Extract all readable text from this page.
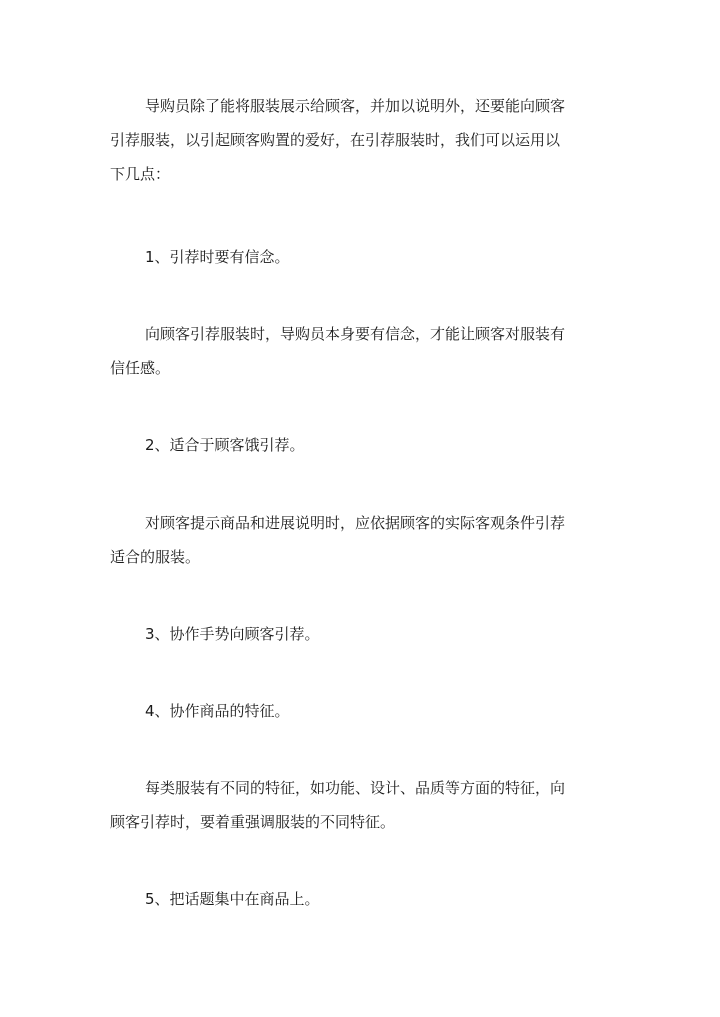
导购员除了能将服装展示给顾客，并加以说明外，还要能向顾客
引荐服装，以引起顾客购置的爱好，在引荐服装时，我们可以运用以
下几点：
1、引荐时要有信念。
向顾客引荐服装时，导购员本身要有信念，才能让顾客对服装有
信任感。
2、适合于顾客饿引荐。
对顾客提示商品和进展说明时，应依据顾客的实际客观条件引荐
适合的服装。
3、协作手势向顾客引荐。
4、协作商品的特征。
每类服装有不同的特征，如功能、设计、品质等方面的特征，向
顾客引荐时，要着重强调服装的不同特征。
5、把话题集中在商品上。
